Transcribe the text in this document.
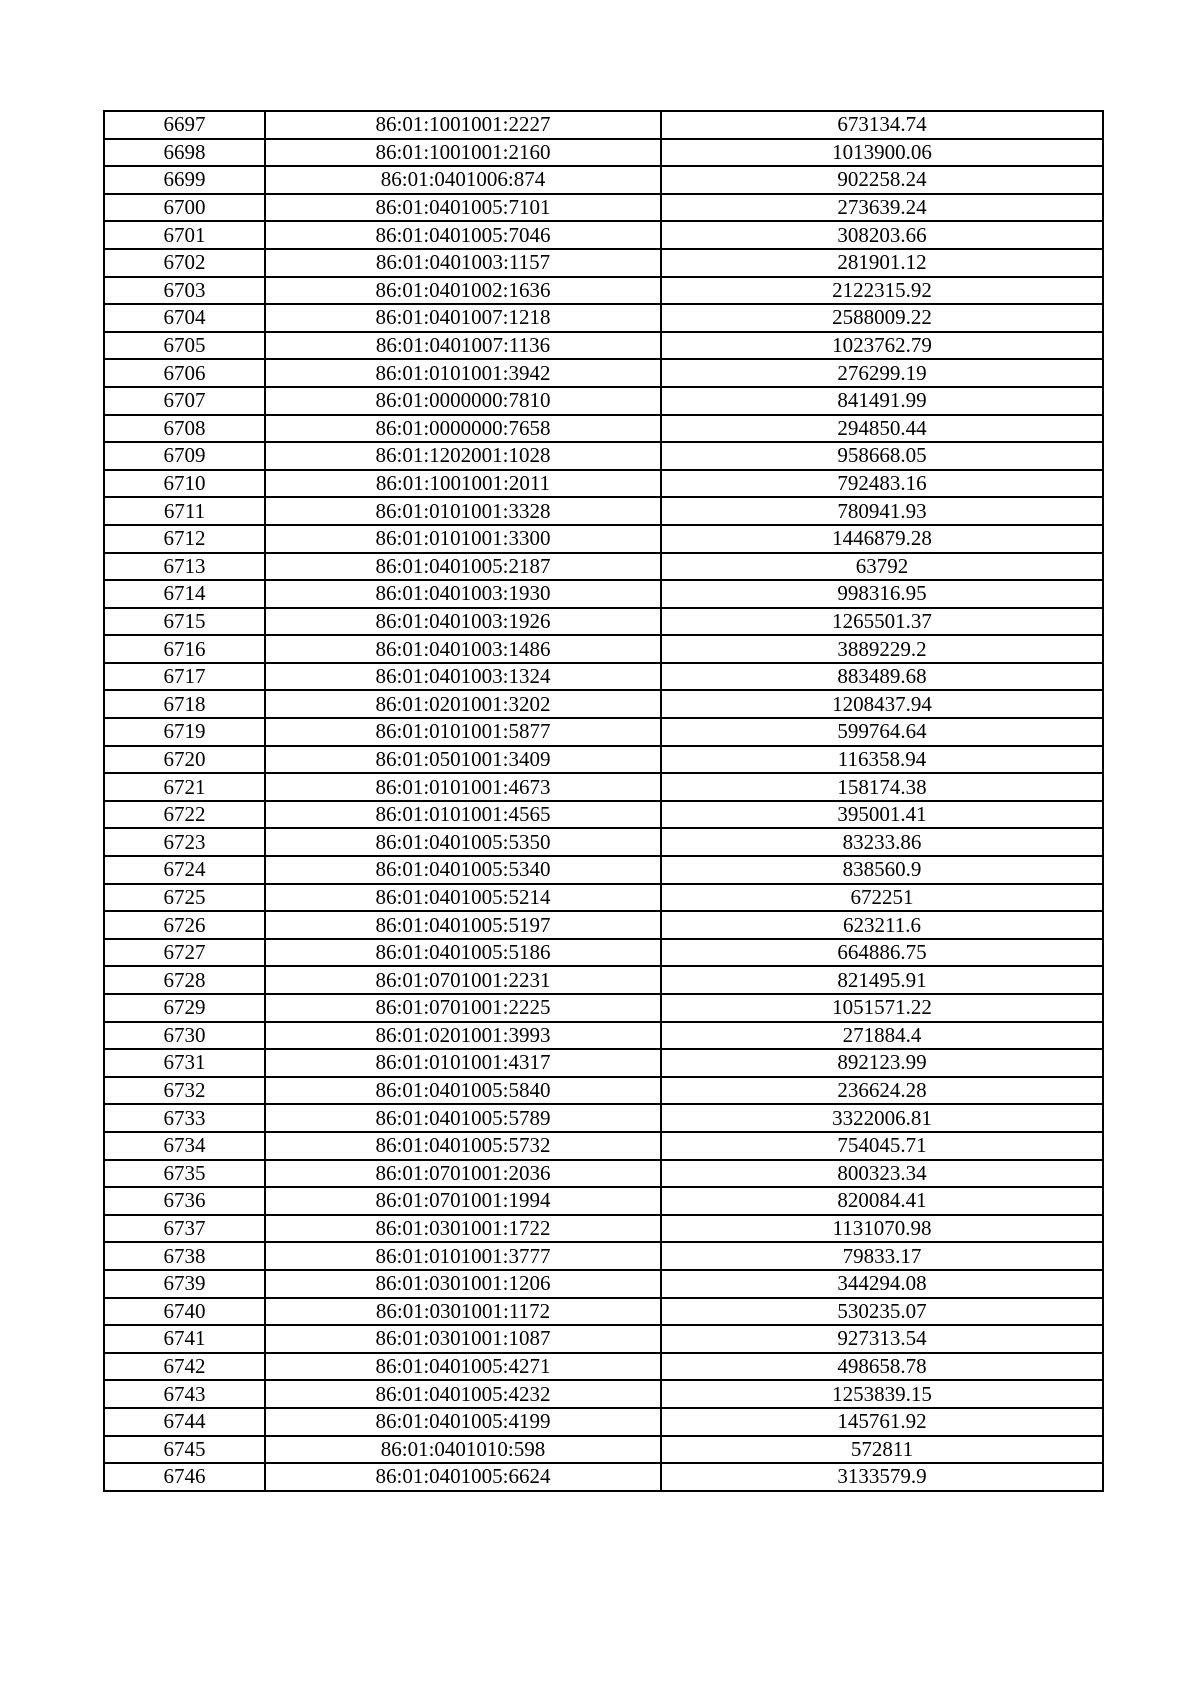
6697	86:01:1001001:2227	673134.74
6698	86:01:1001001:2160	1013900.06
6699	86:01:0401006:874	902258.24
6700	86:01:0401005:7101	273639.24
6701	86:01:0401005:7046	308203.66
6702	86:01:0401003:1157	281901.12
6703	86:01:0401002:1636	2122315.92
6704	86:01:0401007:1218	2588009.22
6705	86:01:0401007:1136	1023762.79
6706	86:01:0101001:3942	276299.19
6707	86:01:0000000:7810	841491.99
6708	86:01:0000000:7658	294850.44
6709	86:01:1202001:1028	958668.05
6710	86:01:1001001:2011	792483.16
6711	86:01:0101001:3328	780941.93
6712	86:01:0101001:3300	1446879.28
6713	86:01:0401005:2187	63792
6714	86:01:0401003:1930	998316.95
6715	86:01:0401003:1926	1265501.37
6716	86:01:0401003:1486	3889229.2
6717	86:01:0401003:1324	883489.68
6718	86:01:0201001:3202	1208437.94
6719	86:01:0101001:5877	599764.64
6720	86:01:0501001:3409	116358.94
6721	86:01:0101001:4673	158174.38
6722	86:01:0101001:4565	395001.41
6723	86:01:0401005:5350	83233.86
6724	86:01:0401005:5340	838560.9
6725	86:01:0401005:5214	672251
6726	86:01:0401005:5197	623211.6
6727	86:01:0401005:5186	664886.75
6728	86:01:0701001:2231	821495.91
6729	86:01:0701001:2225	1051571.22
6730	86:01:0201001:3993	271884.4
6731	86:01:0101001:4317	892123.99
6732	86:01:0401005:5840	236624.28
6733	86:01:0401005:5789	3322006.81
6734	86:01:0401005:5732	754045.71
6735	86:01:0701001:2036	800323.34
6736	86:01:0701001:1994	820084.41
6737	86:01:0301001:1722	1131070.98
6738	86:01:0101001:3777	79833.17
6739	86:01:0301001:1206	344294.08
6740	86:01:0301001:1172	530235.07
6741	86:01:0301001:1087	927313.54
6742	86:01:0401005:4271	498658.78
6743	86:01:0401005:4232	1253839.15
6744	86:01:0401005:4199	145761.92
6745	86:01:0401010:598	572811
6746	86:01:0401005:6624	3133579.9
